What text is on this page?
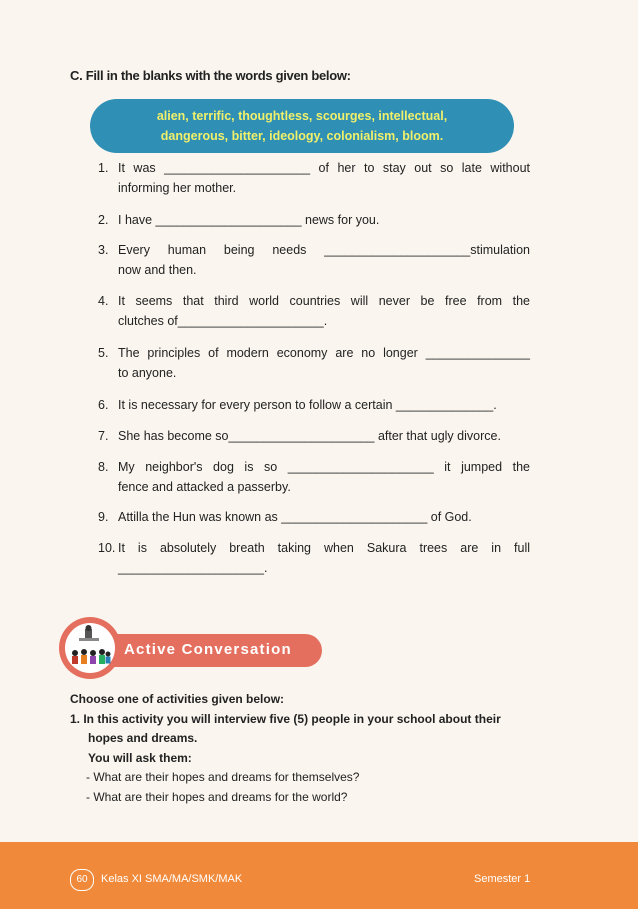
C. Fill in the blanks with the words given below:
alien, terrific, thoughtless, scourges, intellectual,
dangerous, bitter, ideology, colonialism, bloom.
1. It was _____________________ of her to stay out so late without
informing her mother.
2. I have _____________________ news for you.
3. Every human being needs _____________________stimulation
now and then.
4. It seems that third world countries will never be free from the
clutches of_____________________.
5. The principles of modern economy are no longer _______________
to anyone.
6. It is necessary for every person to follow a certain ______________.
7. She has become so_____________________ after that ugly divorce.
8. My neighbor's dog is so _____________________ it jumped the
fence and attacked a passerby.
9. Attilla the Hun was known as _____________________ of God.
10. It is absolutely breath taking when Sakura trees are in full
_____________________.
Active Conversation
Choose one of activities given below:
1. In this activity you will interview five (5) people in your school about their
hopes and dreams.
You will ask them:
- What are their hopes and dreams for themselves?
- What are their hopes and dreams for the world?
60	Kelas XI SMA/MA/SMK/MAK	Semester 1
